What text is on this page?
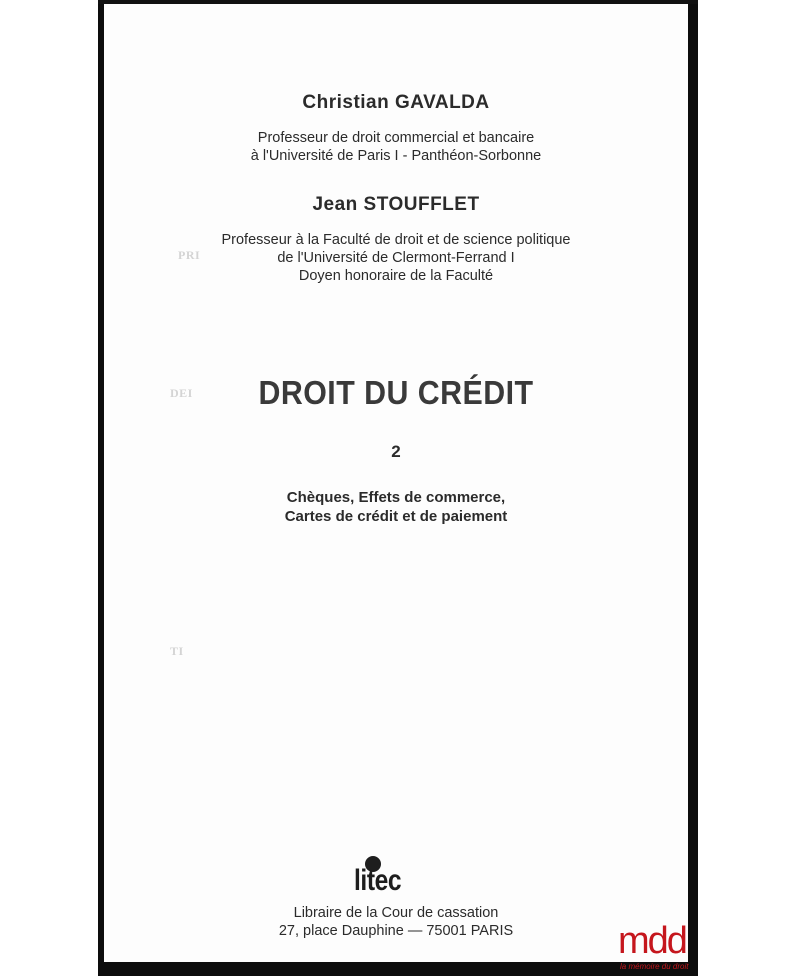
PRI
DEI
TI
Christian GAVALDA
Professeur de droit commercial et bancaire
à l'Université de Paris I - Panthéon-Sorbonne
Jean STOUFFLET
Professeur à la Faculté de droit et de science politique
de l'Université de Clermont-Ferrand I
Doyen honoraire de la Faculté
DROIT DU CRÉDIT
2
Chèques, Effets de commerce,
Cartes de crédit et de paiement
litec
Libraire de la Cour de cassation
27, place Dauphine — 75001 PARIS	mdd
la mémoire du droit
